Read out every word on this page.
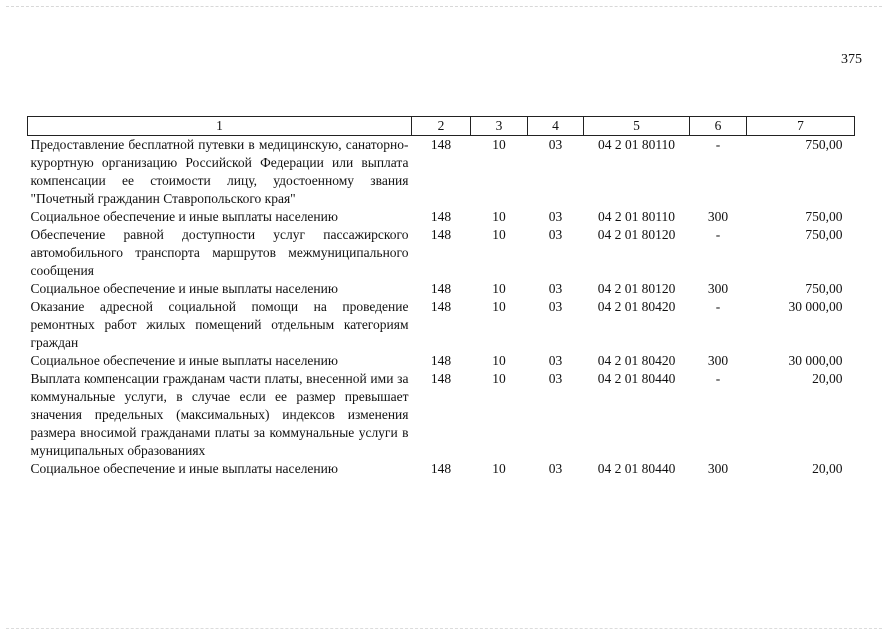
375
1	2	3	4	5	6	7
Предоставление бесплатной путевки в медицинскую, санаторно-курортную организацию Российской Федерации или выплата компенсации ее стоимости лицу, удостоенному звания "Почетный гражданин Ставропольского края"	148	10	03	04 2 01 80110	-	750,00
Социальное обеспечение и иные выплаты населению	148	10	03	04 2 01 80110	300	750,00
Обеспечение равной доступности услуг пассажирского автомобильного транспорта маршрутов межмуниципального сообщения	148	10	03	04 2 01 80120	-	750,00
Социальное обеспечение и иные выплаты населению	148	10	03	04 2 01 80120	300	750,00
Оказание адресной социальной помощи на проведение ремонтных работ жилых помещений отдельным категориям граждан	148	10	03	04 2 01 80420	-	30 000,00
Социальное обеспечение и иные выплаты населению	148	10	03	04 2 01 80420	300	30 000,00
Выплата компенсации гражданам части платы, внесенной ими за коммунальные услуги, в случае если ее размер превышает значения предельных (максимальных) индексов изменения размера вносимой гражданами платы за коммунальные услуги в муниципальных образованиях	148	10	03	04 2 01 80440	-	20,00
Социальное обеспечение и иные выплаты населению	148	10	03	04 2 01 80440	300	20,00
